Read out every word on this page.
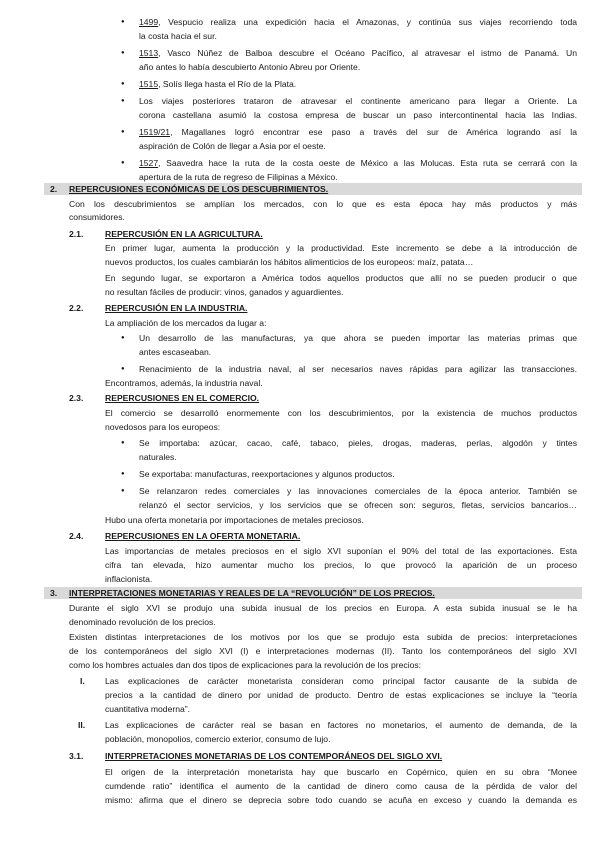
● 1499, Vespucio realiza una expedición hacia el Amazonas, y continúa sus viajes recorriendo toda
la costa hacia el sur.
● 1513, Vasco Núñez de Balboa descubre el Océano Pacífico, al atravesar el istmo de Panamá. Un
año antes lo había descubierto Antonio Abreu por Oriente.
● 1515, Solís llega hasta el Río de la Plata.
● Los viajes posteriores trataron de atravesar el continente americano para llegar a Oriente. La
corona castellana asumió la costosa empresa de buscar un paso intercontinental hacia las Indias.
● 1519/21, Magallanes logró encontrar ese paso a través del sur de América logrando así la
aspiración de Colón de llegar a Asia por el oeste.
● 1527, Saavedra hace la ruta de la costa oeste de México a las Molucas. Esta ruta se cerrará con la
apertura de la ruta de regreso de Filipinas a México.
2. REPERCUSIONES ECONÓMICAS DE LOS DESCUBRIMIENTOS.
Con los descubrimientos se amplían los mercados, con lo que es esta época hay más productos y más
consumidores.
2.1.	REPERCUSIÓN EN LA AGRICULTURA.
En primer lugar, aumenta la producción y la productividad. Este incremento se debe a la introducción de
nuevos productos, los cuales cambiarán los hábitos alimenticios de los europeos: maíz, patata…
En segundo lugar, se exportaron a América todos aquellos productos que allí no se pueden producir o que
no resultan fáciles de producir: vinos, ganados y aguardientes.
2.2.	REPERCUSIÓN EN LA INDUSTRIA.
La ampliación de los mercados da lugar a:
● Un desarrollo de las manufacturas, ya que ahora se pueden importar las materias primas que
antes escaseaban.
● Renacimiento de la industria naval, al ser necesarios naves rápidas para agilizar las transacciones.
Encontramos, además, la industria naval.
2.3.	REPERCUSIONES EN EL COMERCIO.
El comercio se desarrolló enormemente con los descubrimientos, por la existencia de muchos productos
novedosos para los europeos:
● Se importaba: azúcar, cacao, café, tabaco, pieles, drogas, maderas, perlas, algodón y tintes
naturales.
● Se exportaba: manufacturas, reexportaciones y algunos productos.
● Se relanzaron redes comerciales y las innovaciones comerciales de la época anterior. También se
relanzó el sector servicios, y los servicios que se ofrecen son: seguros, fletas, servicios bancarios…
Hubo una oferta monetaria por importaciones de metales preciosos.
2.4.	REPERCUSIONES EN LA OFERTA MONETARIA.
Las importancias de metales preciosos en el siglo XVI suponían el 90% del total de las exportaciones. Esta
cifra tan elevada, hizo aumentar mucho los precios, lo que provocó la aparición de un proceso
inflacionista.
3. INTERPRETACIONES MONETARIAS Y REALES DE LA “REVOLUCIÓN” DE LOS PRECIOS.
Durante el siglo XVI se produjo una subida inusual de los precios en Europa. A esta subida inusual se le ha
denominado revolución de los precios.
Existen distintas interpretaciones de los motivos por los que se produjo esta subida de precios: interpretaciones
de los contemporáneos del siglo XVI (I) e interpretaciones modernas (II). Tanto los contemporáneos del siglo XVI
como los hombres actuales dan dos tipos de explicaciones para la revolución de los precios:
I. Las explicaciones de carácter monetarista consideran como principal factor causante de la subida de
precios a la cantidad de dinero por unidad de producto. Dentro de estas explicaciones se incluye la “teoría
cuantitativa moderna”.
II. Las explicaciones de carácter real se basan en factores no monetarios, el aumento de demanda, de la
población, monopolios, comercio exterior, consumo de lujo.
3.1.	INTERPRETACIONES MONETARIAS DE LOS CONTEMPORÁNEOS DEL SIGLO XVI.
El origen de la interpretación monetarista hay que buscarlo en Copérnico, quien en su obra “Monee
cumdende ratio” identifica el aumento de la cantidad de dinero como causa de la pérdida de valor del
mismo: afirma que el dinero se deprecia sobre todo cuando se acuña en exceso y cuando la demanda es
